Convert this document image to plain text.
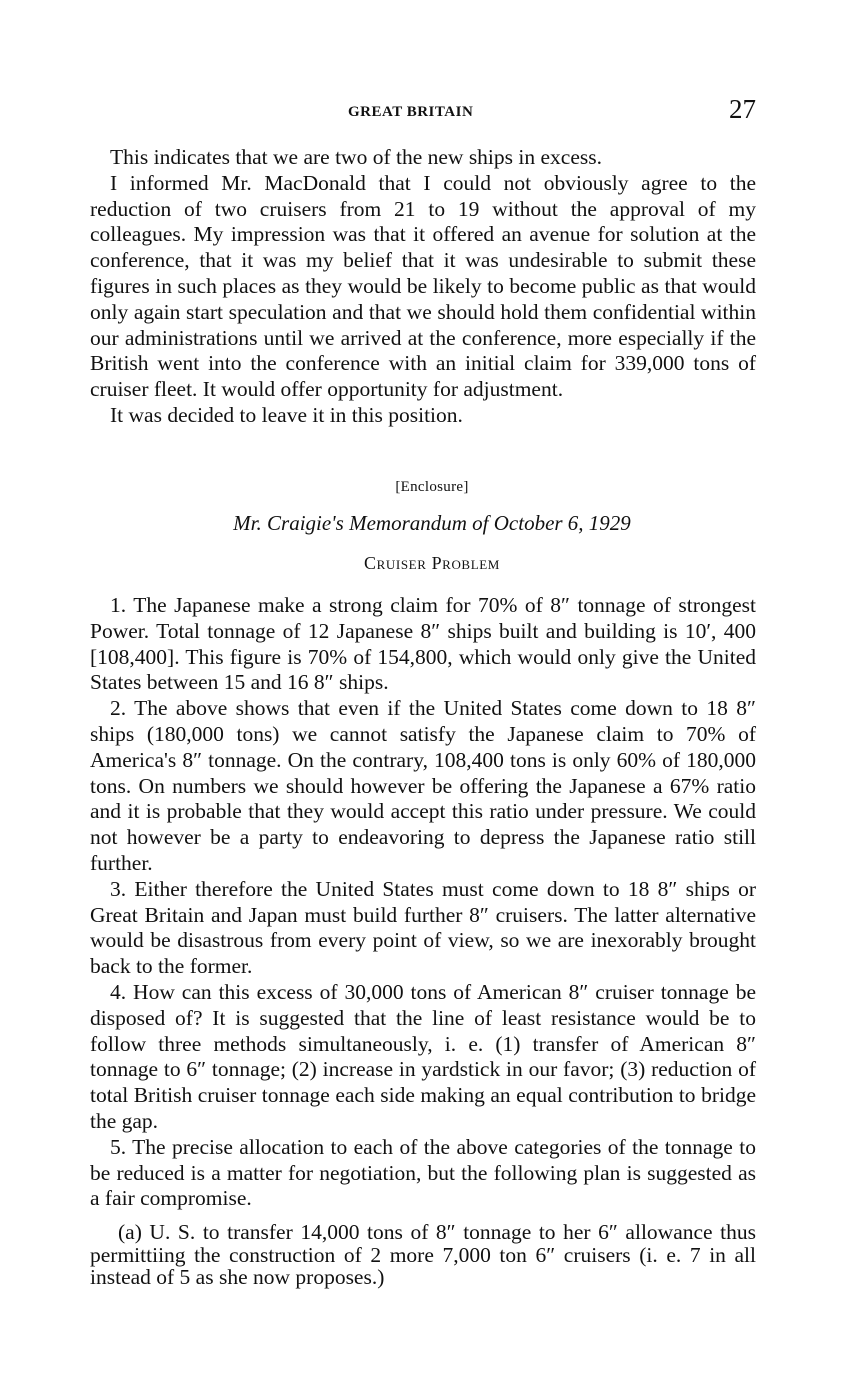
GREAT BRITAIN	27

This indicates that we are two of the new ships in excess.

I informed Mr. MacDonald that I could not obviously agree to the reduction of two cruisers from 21 to 19 without the approval of my colleagues. My impression was that it offered an avenue for solution at the conference, that it was my belief that it was undesirable to submit these figures in such places as they would be likely to become public as that would only again start speculation and that we should hold them confidential within our administrations until we arrived at the conference, more especially if the British went into the conference with an initial claim for 339,000 tons of cruiser fleet. It would offer opportunity for adjustment.

It was decided to leave it in this position.

[Enclosure]
Mr. Craigie's Memorandum of October 6, 1929
Cruiser Problem

1. The Japanese make a strong claim for 70% of 8″ tonnage of strongest Power. Total tonnage of 12 Japanese 8″ ships built and building is 10′, 400 [108,400]. This figure is 70% of 154,800, which would only give the United States between 15 and 16 8″ ships.

2. The above shows that even if the United States come down to 18 8″ ships (180,000 tons) we cannot satisfy the Japanese claim to 70% of America's 8″ tonnage. On the contrary, 108,400 tons is only 60% of 180,000 tons. On numbers we should however be offering the Japanese a 67% ratio and it is probable that they would accept this ratio under pressure. We could not however be a party to endeavoring to depress the Japanese ratio still further.

3. Either therefore the United States must come down to 18 8″ ships or Great Britain and Japan must build further 8″ cruisers. The latter alternative would be disastrous from every point of view, so we are inexorably brought back to the former.

4. How can this excess of 30,000 tons of American 8″ cruiser tonnage be disposed of? It is suggested that the line of least resistance would be to follow three methods simultaneously, i. e. (1) transfer of American 8″ tonnage to 6″ tonnage; (2) increase in yardstick in our favor; (3) reduction of total British cruiser tonnage each side making an equal contribution to bridge the gap.

5. The precise allocation to each of the above categories of the tonnage to be reduced is a matter for negotiation, but the following plan is suggested as a fair compromise.

(a) U. S. to transfer 14,000 tons of 8″ tonnage to her 6″ allowance thus permittiing the construction of 2 more 7,000 ton 6″ cruisers (i. e. 7 in all instead of 5 as she now proposes.)
